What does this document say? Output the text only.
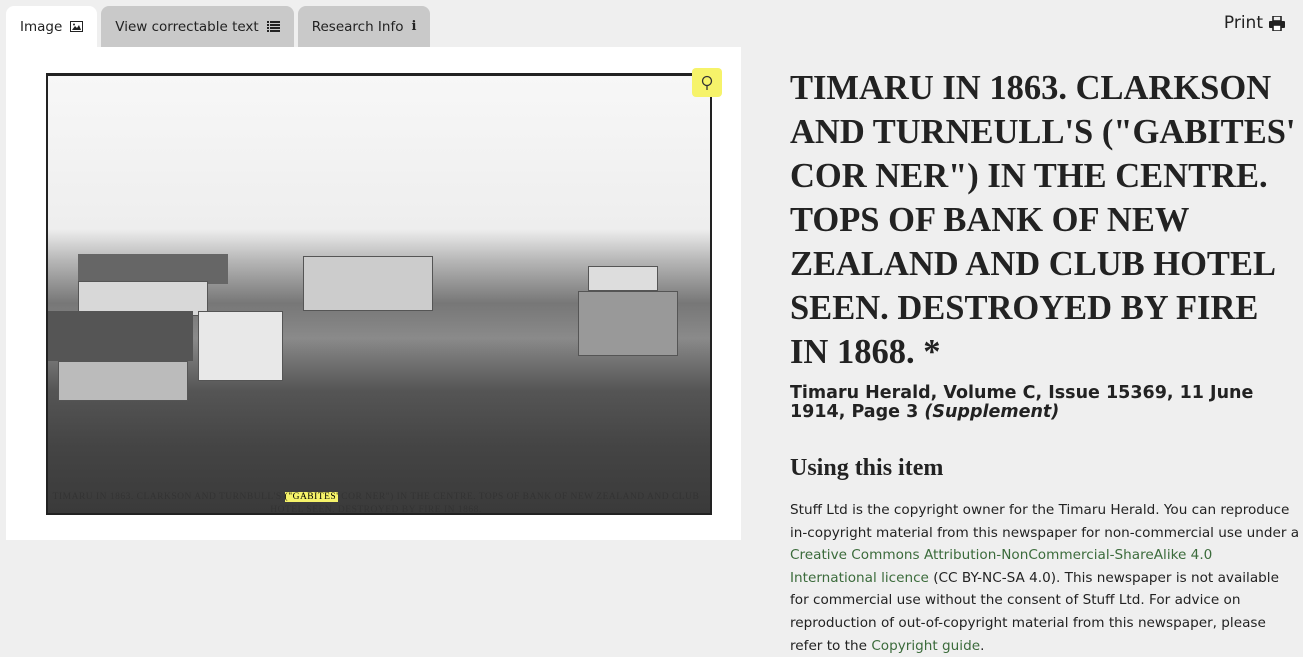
Image	View correctable text	Research Info i	Print
TIMARU IN 1863. CLARKSON AND TURNBULL'S ("GABITES' COR NER") IN THE CENTRE. TOPS OF BANK OF NEW ZEALAND AND CLUB HOTEL SEEN. DESTROYED BY FIRE IN 1868.
TIMARU IN 1863. CLARKSON AND TURNEULL'S ("GABITES' COR NER") IN THE CENTRE. TOPS OF BANK OF NEW ZEALAND AND CLUB HOTEL SEEN. DESTROYED BY FIRE IN 1868. *
Timaru Herald, Volume C, Issue 15369, 11 June 1914, Page 3 (Supplement)
Using this item

Stuff Ltd is the copyright owner for the Timaru Herald. You can reproduce in-copyright material from this newspaper for non-commercial use under a Creative Commons Attribution-NonCommercial-ShareAlike 4.0 International licence (CC BY-NC-SA 4.0). This newspaper is not available for commercial use without the consent of Stuff Ltd. For advice on reproduction of out-of-copyright material from this newspaper, please refer to the Copyright guide.
